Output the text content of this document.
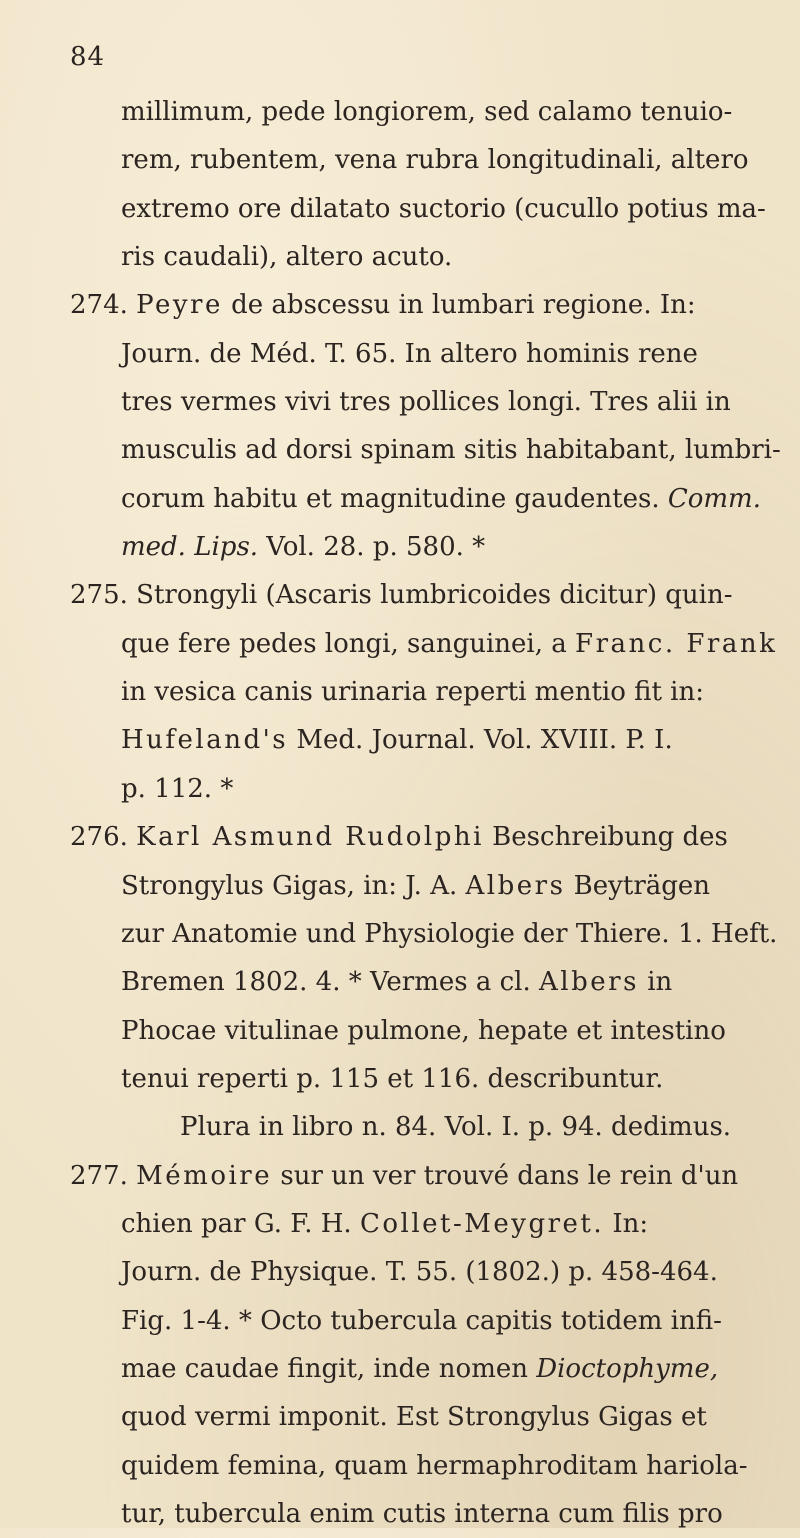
84
millimum, pede longiorem, sed calamo tenuio-
rem, rubentem, vena rubra longitudinali, altero
extremo ore dilatato suctorio (cucullo potius ma-
ris caudali), altero acuto.
274. Peyre de abscessu in lumbari regione. In:
Journ. de Méd. T. 65. In altero hominis rene
tres vermes vivi tres pollices longi. Tres alii in
musculis ad dorsi spinam sitis habitabant, lumbri-
corum habitu et magnitudine gaudentes. Comm.
med. Lips. Vol. 28. p. 580. *
275. Strongyli (Ascaris lumbricoides dicitur) quin-
que fere pedes longi, sanguinei, a Franc. Frank
in vesica canis urinaria reperti mentio fit in:
Hufeland's Med. Journal. Vol. XVIII. P. I.
p. 112. *
276. Karl Asmund Rudolphi Beschreibung des
Strongylus Gigas, in: J. A. Albers Beyträgen
zur Anatomie und Physiologie der Thiere. 1. Heft.
Bremen 1802. 4. * Vermes a cl. Albers in
Phocae vitulinae pulmone, hepate et intestino
tenui reperti p. 115 et 116. describuntur.
Plura in libro n. 84. Vol. I. p. 94. dedimus.
277. Mémoire sur un ver trouvé dans le rein d'un
chien par G. F. H. Collet-Meygret. In:
Journ. de Physique. T. 55. (1802.) p. 458-464.
Fig. 1-4. * Octo tubercula capitis totidem infi-
mae caudae fingit, inde nomen Dioctophyme,
quod vermi imponit. Est Strongylus Gigas et
quidem femina, quam hermaphroditam hariola-
tur, tubercula enim cutis interna cum filis pro
